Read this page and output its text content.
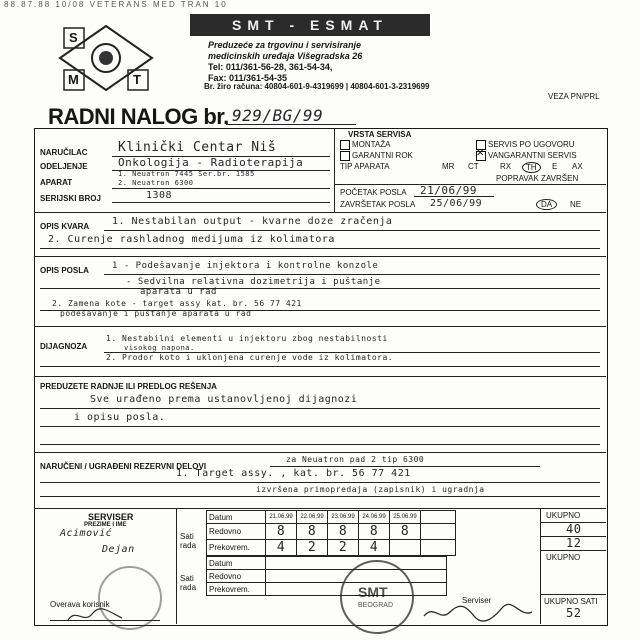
88.87.88 10/08 VETERANS MED TRAN 10
S
M	T
SMT - ESMAT
Preduzeće za trgovinu i servisiranje
medicinskih uređaja Višegradska 26
Tel: 011/361-56-28, 361-54-34,
Fax: 011/361-54-35
Br. žiro računa: 40804-601-9-4319699 | 40804-601-3-2319699
VEZA PN/PRL
RADNI NALOG br. 929/BG/99
NARUČILAC Klinički Centar Niš
ODELJENJE	Onkologija - Radioterapija
APARAT
1. Neuatron 7445 Ser.br. 1585
2. Neuatron 6300
SERIJSKI BROJ	1308
VRSTA SERVISA
MONTAŽA
GARANTNI ROK
SERVIS PO UGOVORU
✕VANGARANTNI SERVIS
TIP APARATA	MR CT	RX	TH	E AX
POPRAVAK ZAVRŠEN
POČETAK POSLA 21/06/99
ZAVRŠETAK POSLA 25/06/99	DA	NE
OPIS KVARA 1. Nestabilan output - kvarne doze zračenja
2. Curenje rashladnog medijuma iz kolimatora
OPIS POSLA	1 - Podešavanje injektora i kontrolne konzole
- Sedvilna relativna dozimetrija i puštanje
aparata u rad
2. Zamena kote - target assy kat. br. 56 77 421
podešavanje i puštanje aparata u rad
DIJAGNOZA
1. Nestabilni elementi u injektoru zbog nestabilnosti
visokog napona.
2. Prodor koto i uklonjena curenje vode iz kolimatora.
PREDUZETE RADNJE ILI PREDLOG REŠENJA
Sve urađeno prema ustanovljenoj dijagnozi
i opisu posla.
NARUČENI / UGRAĐENI REZERVNI DELOVI
za Neuatron pad 2 tip 6300
1. Target assy. , kat. br. 56 77 421
izvršena primopredaja (zapisnik) i ugradnja
SERVISER
PREZIME I IME
Acimović
Dejan
Sati rada
Sati rada
Datum	21.06.99	22.06.99	23.06.99	24.06.99	25.06.99	
Redovno	8	8	8	8	8	
Prekovrem.	4	2	2	4		
Datum	
Redovno	
Prekovrem.	
UKUPNO
40
12
UKUPNO
UKUPNO SATI
52
Overava korisnik	Serviser
SMT
BEOGRAD
